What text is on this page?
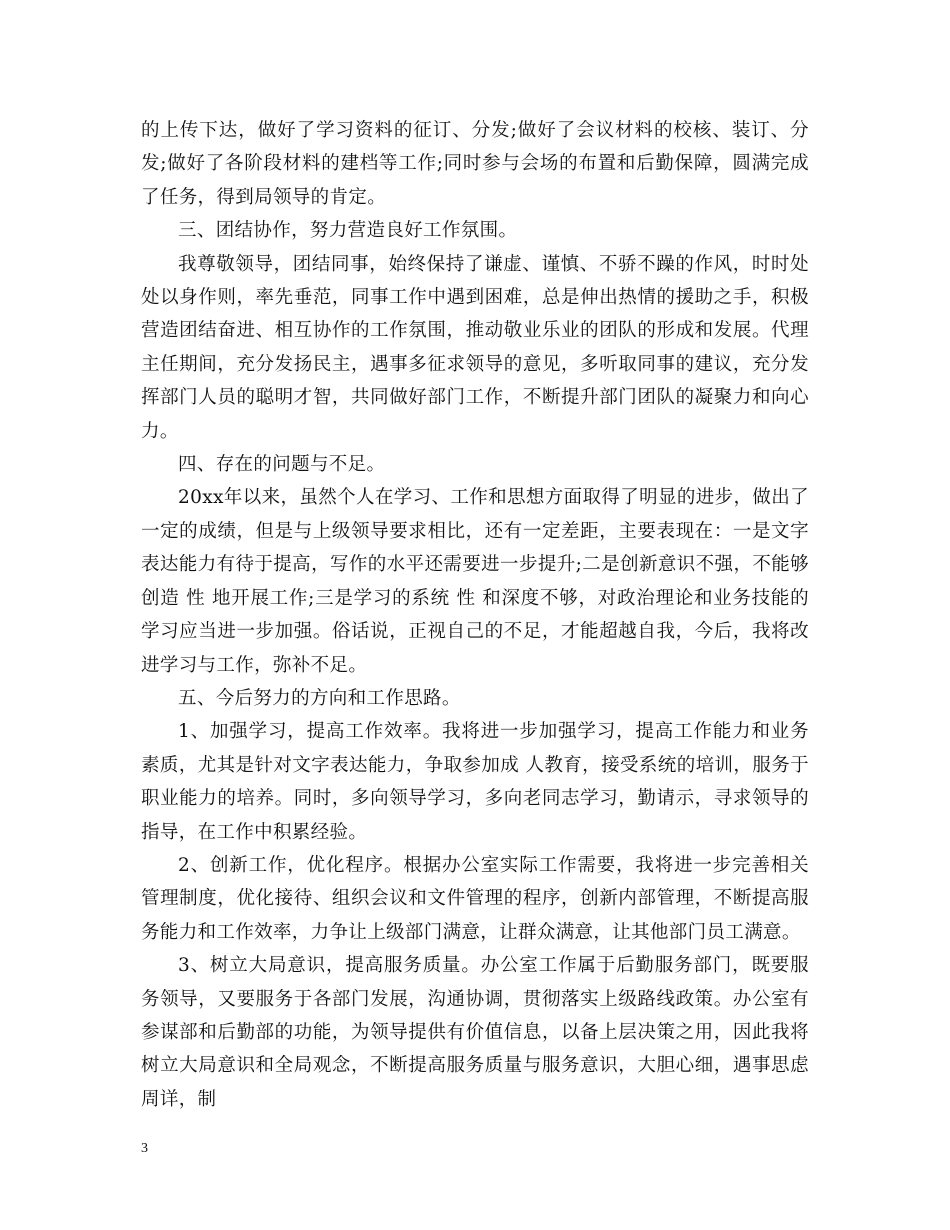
的上传下达，做好了学习资料的征订、分发;做好了会议材料的校核、装订、分发;做好了各阶段材料的建档等工作;同时参与会场的布置和后勤保障，圆满完成了任务，得到局领导的肯定。

三、团结协作，努力营造良好工作氛围。

我尊敬领导，团结同事，始终保持了谦虚、谨慎、不骄不躁的作风，时时处处以身作则，率先垂范，同事工作中遇到困难，总是伸出热情的援助之手，积极营造团结奋进、相互协作的工作氛围，推动敬业乐业的团队的形成和发展。代理主任期间，充分发扬民主，遇事多征求领导的意见，多听取同事的建议，充分发挥部门人员的聪明才智，共同做好部门工作，不断提升部门团队的凝聚力和向心力。

四、存在的问题与不足。

20xx年以来，虽然个人在学习、工作和思想方面取得了明显的进步，做出了一定的成绩，但是与上级领导要求相比，还有一定差距，主要表现在：一是文字表达能力有待于提高，写作的水平还需要进一步提升;二是创新意识不强，不能够创造 性 地开展工作;三是学习的系统 性 和深度不够，对政治理论和业务技能的学习应当进一步加强。俗话说，正视自己的不足，才能超越自我，今后，我将改进学习与工作，弥补不足。

五、今后努力的方向和工作思路。

1、加强学习，提高工作效率。我将进一步加强学习，提高工作能力和业务素质，尤其是针对文字表达能力，争取参加成 人教育，接受系统的培训，服务于职业能力的培养。同时，多向领导学习，多向老同志学习，勤请示，寻求领导的指导，在工作中积累经验。

2、创新工作，优化程序。根据办公室实际工作需要，我将进一步完善相关管理制度，优化接待、组织会议和文件管理的程序，创新内部管理，不断提高服务能力和工作效率，力争让上级部门满意，让群众满意，让其他部门员工满意。

3、树立大局意识，提高服务质量。办公室工作属于后勤服务部门，既要服务领导，又要服务于各部门发展，沟通协调，贯彻落实上级路线政策。办公室有参谋部和后勤部的功能，为领导提供有价值信息，以备上层决策之用，因此我将树立大局意识和全局观念，不断提高服务质量与服务意识，大胆心细，遇事思虑周详，制

3
